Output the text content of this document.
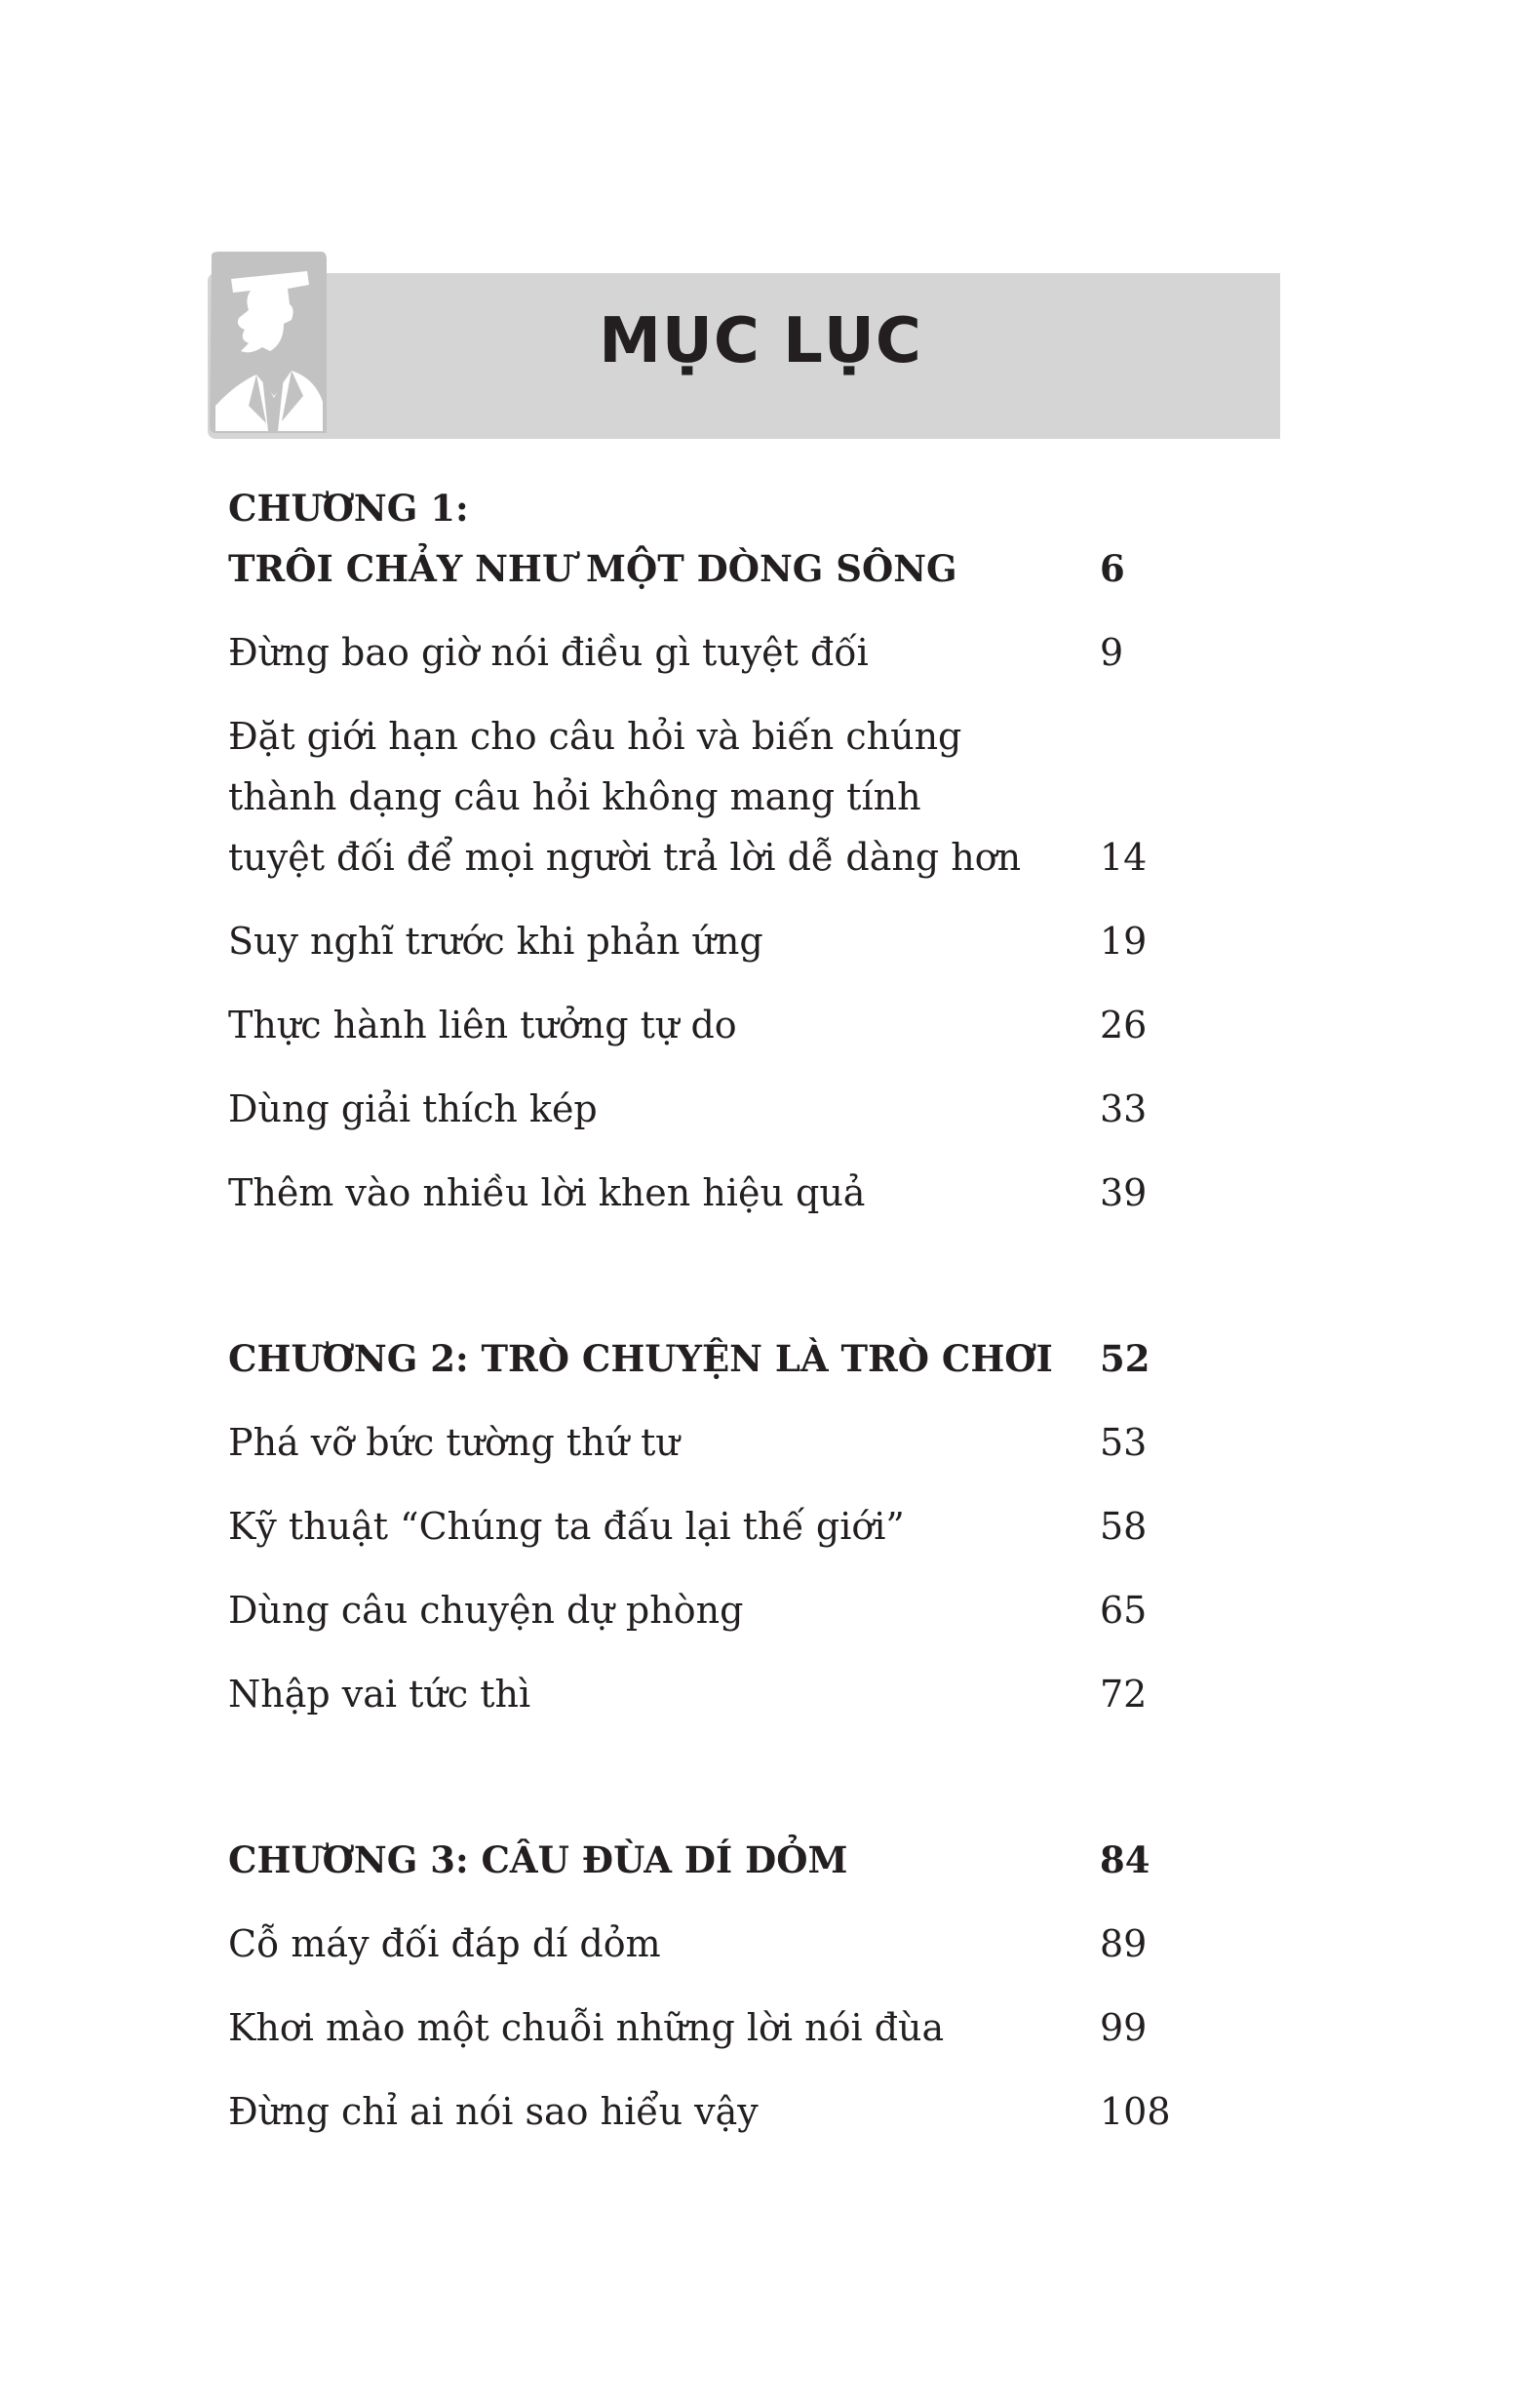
MỤC LỤC
CHƯƠNG 1:
TRÔI CHẢY NHƯ MỘT DÒNG SÔNG	6
Đừng bao giờ nói điều gì tuyệt đối	9
Đặt giới hạn cho câu hỏi và biến chúng
thành dạng câu hỏi không mang tính
tuyệt đối để mọi người trả lời dễ dàng hơn 14
Suy nghĩ trước khi phản ứng	19
Thực hành liên tưởng tự do	26
Dùng giải thích kép	33
Thêm vào nhiều lời khen hiệu quả	39
CHƯƠNG 2: TRÒ CHUYỆN LÀ TRÒ CHƠI 52
Phá vỡ bức tường thứ tư	53
Kỹ thuật “Chúng ta đấu lại thế giới”	58
Dùng câu chuyện dự phòng	65
Nhập vai tức thì	72
CHƯƠNG 3: CÂU ĐÙA DÍ DỎM	84
Cỗ máy đối đáp dí dỏm	89
Khơi mào một chuỗi những lời nói đùa	99
Đừng chỉ ai nói sao hiểu vậy	108
